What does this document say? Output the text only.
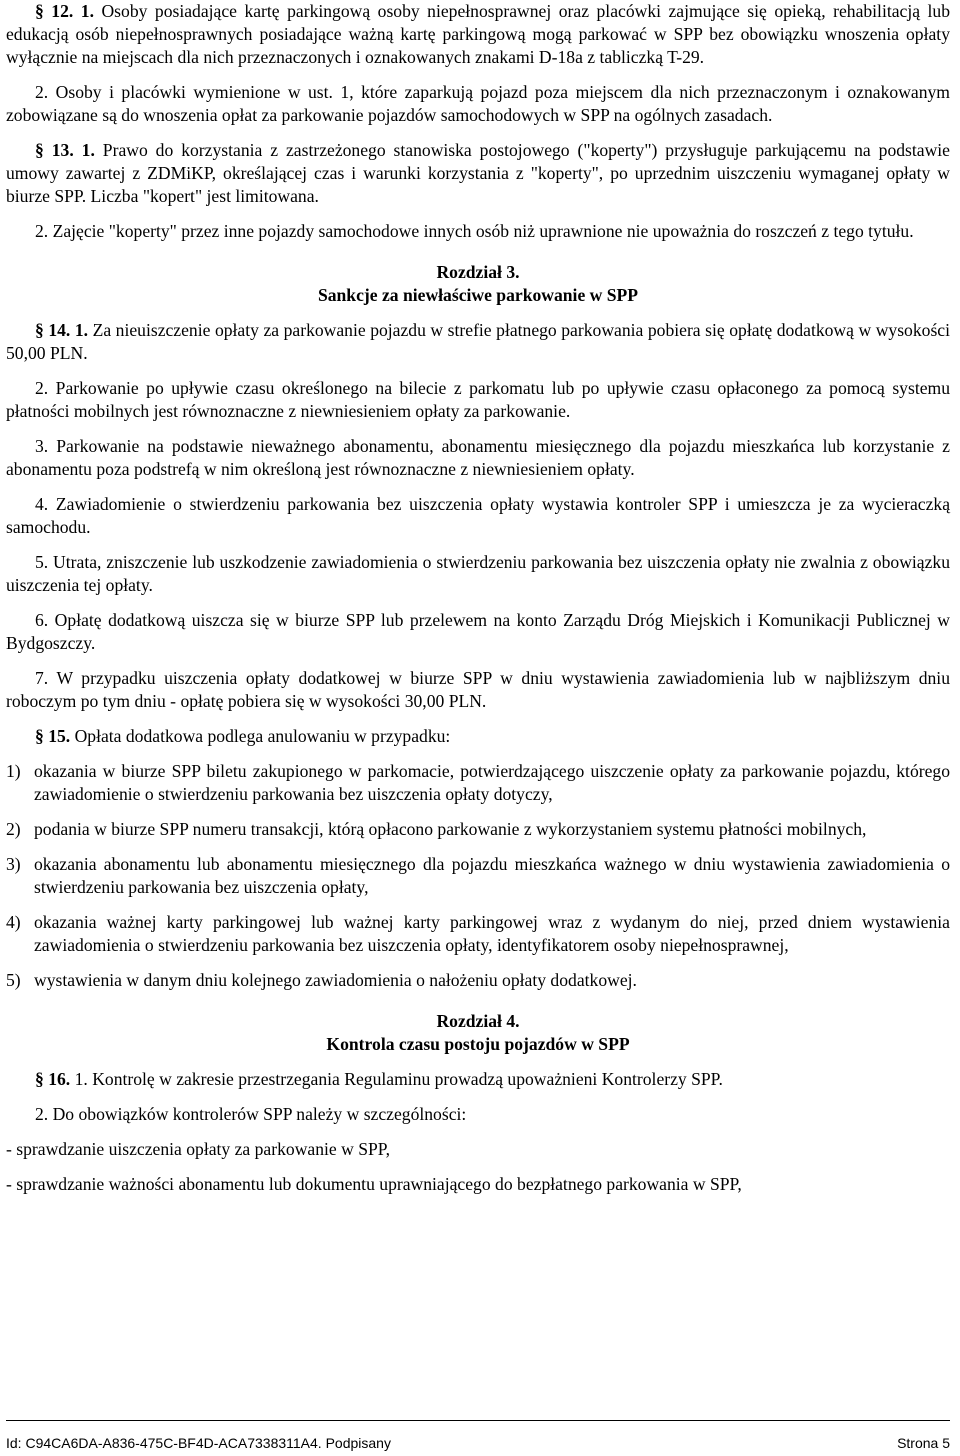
§ 12. 1. Osoby posiadające kartę parkingową osoby niepełnosprawnej oraz placówki zajmujące się opieką, rehabilitacją lub edukacją osób niepełnosprawnych posiadające ważną kartę parkingową mogą parkować w SPP bez obowiązku wnoszenia opłaty wyłącznie na miejscach dla nich przeznaczonych i oznakowanych znakami D-18a z tabliczką T-29.

2. Osoby i placówki wymienione w ust. 1, które zaparkują pojazd poza miejscem dla nich przeznaczonym i oznakowanym zobowiązane są do wnoszenia opłat za parkowanie pojazdów samochodowych w SPP na ogólnych zasadach.

§ 13. 1. Prawo do korzystania z zastrzeżonego stanowiska postojowego ("koperty") przysługuje parkującemu na podstawie umowy zawartej z ZDMiKP, określającej czas i warunki korzystania z "koperty", po uprzednim uiszczeniu wymaganej opłaty w biurze SPP. Liczba "kopert" jest limitowana.

2. Zajęcie "koperty" przez inne pojazdy samochodowe innych osób niż uprawnione nie upoważnia do roszczeń z tego tytułu.

Rozdział 3.

Sankcje za niewłaściwe parkowanie w SPP

§ 14. 1. Za nieuiszczenie opłaty za parkowanie pojazdu w strefie płatnego parkowania pobiera się opłatę dodatkową w wysokości 50,00 PLN.

2. Parkowanie po upływie czasu określonego na bilecie z parkomatu lub po upływie czasu opłaconego za pomocą systemu płatności mobilnych jest równoznaczne z niewniesieniem opłaty za parkowanie.

3. Parkowanie na podstawie nieważnego abonamentu, abonamentu miesięcznego dla pojazdu mieszkańca lub korzystanie z abonamentu poza podstrefą w nim określoną jest równoznaczne z niewniesieniem opłaty.

4. Zawiadomienie o stwierdzeniu parkowania bez uiszczenia opłaty wystawia kontroler SPP i umieszcza je za wycieraczką samochodu.

5. Utrata, zniszczenie lub uszkodzenie zawiadomienia o stwierdzeniu parkowania bez uiszczenia opłaty nie zwalnia z obowiązku uiszczenia tej opłaty.

6. Opłatę dodatkową uiszcza się w biurze SPP lub przelewem na konto Zarządu Dróg Miejskich i Komunikacji Publicznej w Bydgoszczy.

7. W przypadku uiszczenia opłaty dodatkowej w biurze SPP w dniu wystawienia zawiadomienia lub w najbliższym dniu roboczym po tym dniu - opłatę pobiera się w wysokości 30,00 PLN.

§ 15. Opłata dodatkowa podlega anulowaniu w przypadku:

1) okazania w biurze SPP biletu zakupionego w parkomacie, potwierdzającego uiszczenie opłaty za parkowanie pojazdu, którego zawiadomienie o stwierdzeniu parkowania bez uiszczenia opłaty dotyczy,
2) podania w biurze SPP numeru transakcji, którą opłacono parkowanie z wykorzystaniem systemu płatności mobilnych,
3) okazania abonamentu lub abonamentu miesięcznego dla pojazdu mieszkańca ważnego w dniu wystawienia zawiadomienia o stwierdzeniu parkowania bez uiszczenia opłaty,
4) okazania ważnej karty parkingowej lub ważnej karty parkingowej wraz z wydanym do niej, przed dniem wystawienia zawiadomienia o stwierdzeniu parkowania bez uiszczenia opłaty, identyfikatorem osoby niepełnosprawnej,
5) wystawienia w danym dniu kolejnego zawiadomienia o nałożeniu opłaty dodatkowej.

Rozdział 4.

Kontrola czasu postoju pojazdów w SPP

§ 16. 1. Kontrolę w zakresie przestrzegania Regulaminu prowadzą upoważnieni Kontrolerzy SPP.

2. Do obowiązków kontrolerów SPP należy w szczególności:

- sprawdzanie uiszczenia opłaty za parkowanie w SPP,

- sprawdzanie ważności abonamentu lub dokumentu uprawniającego do bezpłatnego parkowania w SPP,

Id: C94CA6DA-A836-475C-BF4D-ACA7338311A4. Podpisany	Strona 5
